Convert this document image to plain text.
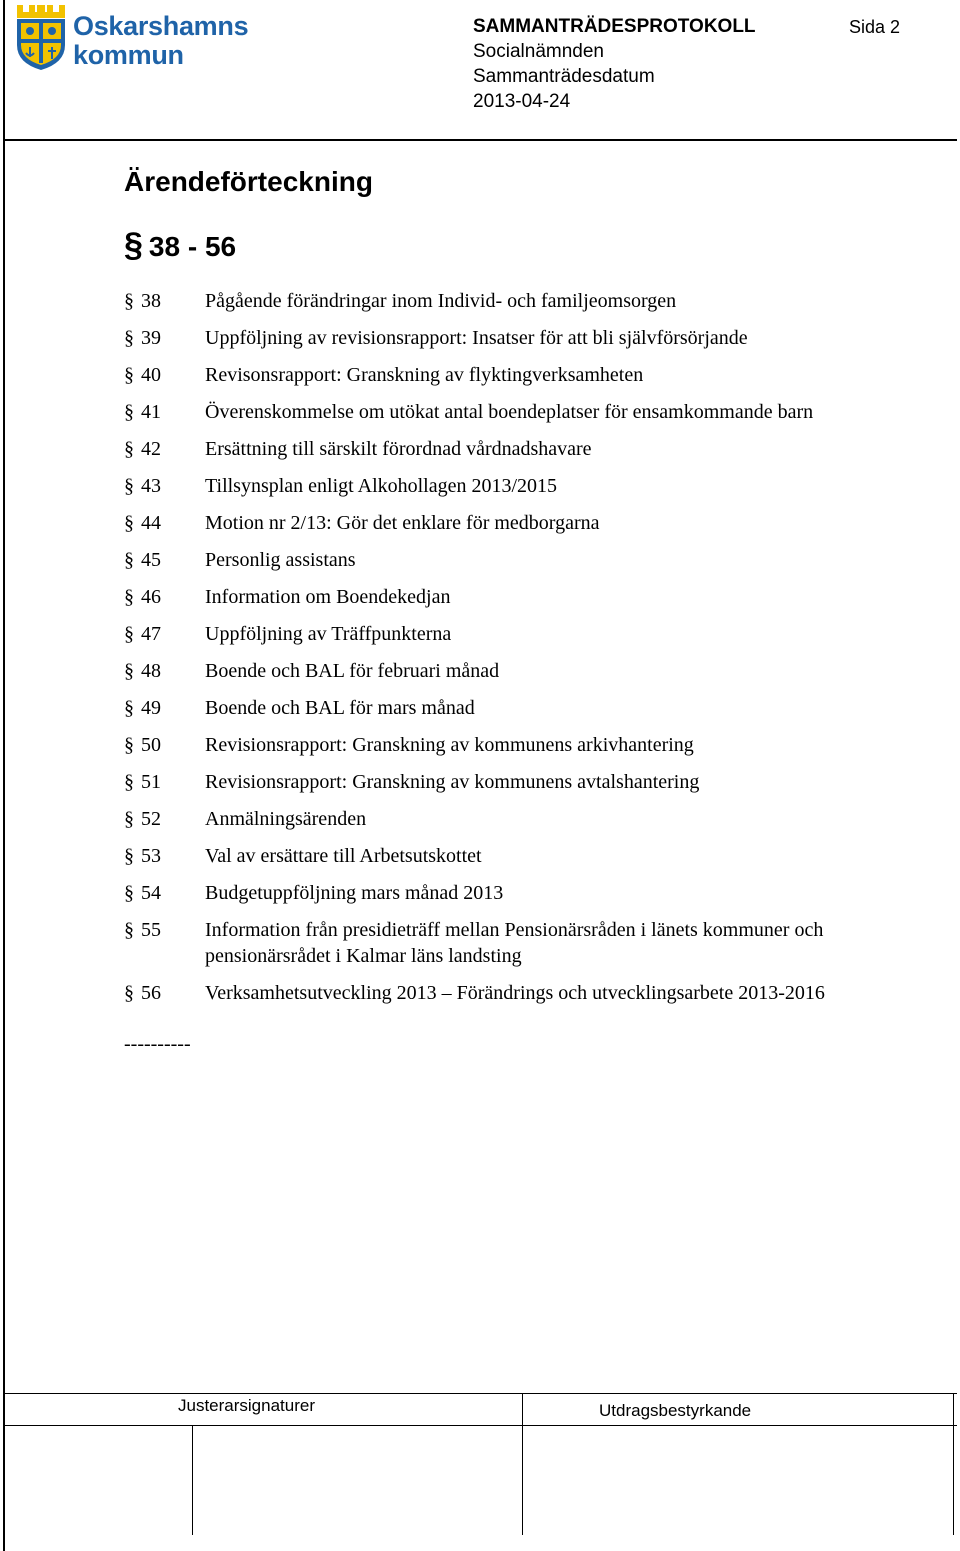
Oskarshamns
kommun
SAMMANTRÄDESPROTOKOLL
Socialnämnden
Sammanträdesdatum
2013-04-24
Sida 2
Ärendeförteckning
§ 38 - 56
§ 38	Pågående förändringar inom Individ- och familjeomsorgen
§ 39	Uppföljning av revisionsrapport: Insatser för att bli självförsörjande
§ 40	Revisonsrapport: Granskning av flyktingverksamheten
§ 41	Överenskommelse om utökat antal boendeplatser för ensamkommande barn
§ 42	Ersättning till särskilt förordnad vårdnadshavare
§ 43	Tillsynsplan enligt Alkohollagen 2013/2015
§ 44	Motion nr 2/13: Gör det enklare för medborgarna
§ 45	Personlig assistans
§ 46	Information om Boendekedjan
§ 47	Uppföljning av Träffpunkterna
§ 48	Boende och BAL för februari månad
§ 49	Boende och BAL för mars månad
§ 50	Revisionsrapport: Granskning av kommunens arkivhantering
§ 51	Revisionsrapport: Granskning av kommunens avtalshantering
§ 52	Anmälningsärenden
§ 53	Val av ersättare till Arbetsutskottet
§ 54	Budgetuppföljning mars månad 2013
§ 55	Information från presidieträff mellan Pensionärsråden i länets kommuner och
pensionärsrådet i Kalmar läns landsting
§ 56	Verksamhetsutveckling 2013 – Förändrings och utvecklingsarbete 2013-2016
----------
Justerarsignaturer	Utdragsbestyrkande
